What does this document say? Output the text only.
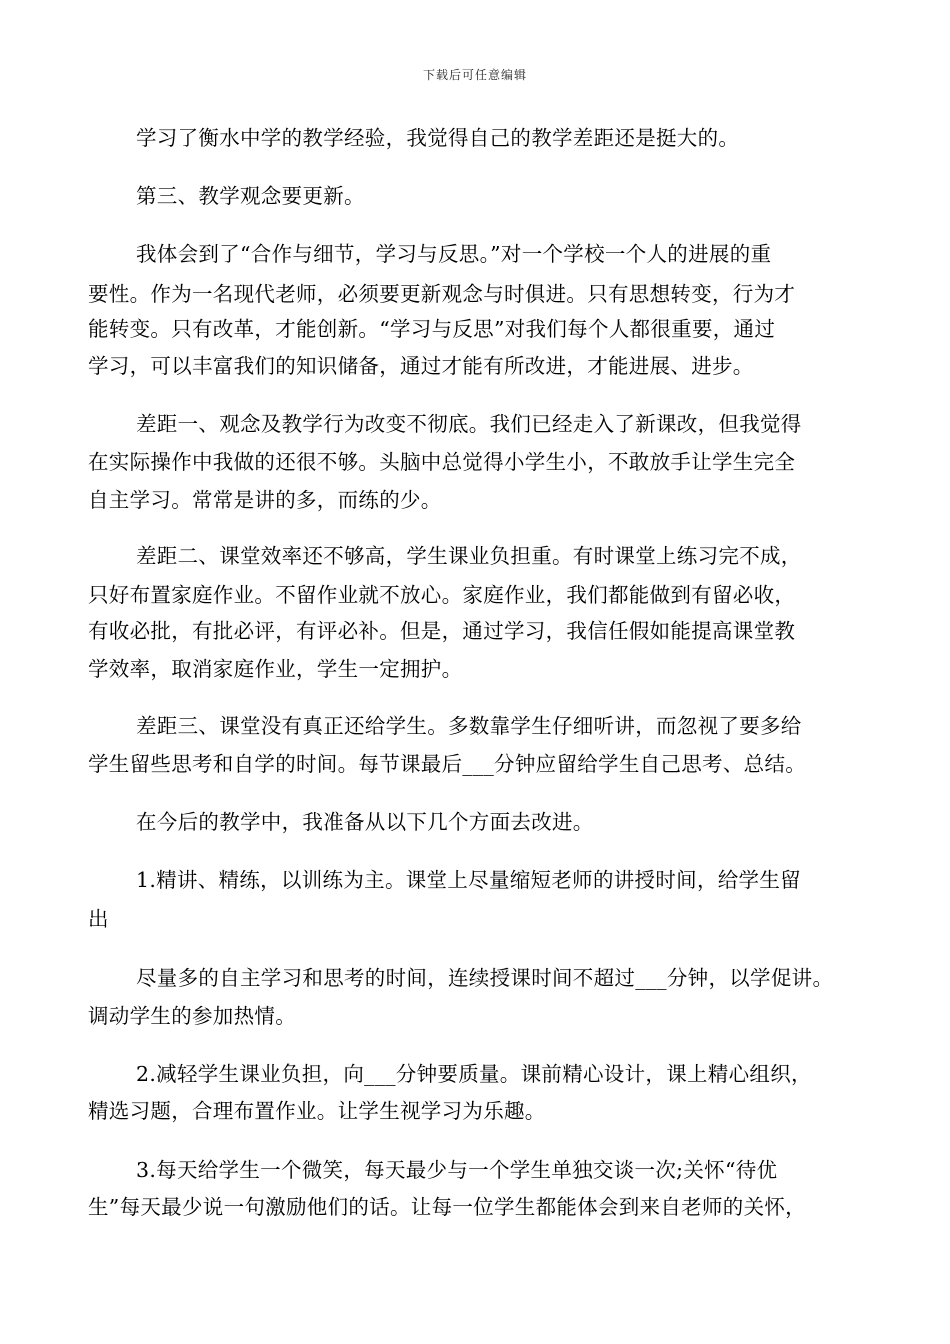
下载后可任意编辑
学习了衡水中学的教学经验，我觉得自己的教学差距还是挺大的。
第三、教学观念要更新。
我体会到了“合作与细节，学习与反思。”对一个学校一个人的进展的重
要性。作为一名现代老师，必须要更新观念与时俱进。只有思想转变，行为才
能转变。只有改革，才能创新。“学习与反思”对我们每个人都很重要，通过
学习，可以丰富我们的知识储备，通过才能有所改进，才能进展、进步。
差距一、观念及教学行为改变不彻底。我们已经走入了新课改，但我觉得
在实际操作中我做的还很不够。头脑中总觉得小学生小，不敢放手让学生完全
自主学习。常常是讲的多，而练的少。
差距二、课堂效率还不够高，学生课业负担重。有时课堂上练习完不成，
只好布置家庭作业。不留作业就不放心。家庭作业，我们都能做到有留必收，
有收必批，有批必评，有评必补。但是，通过学习，我信任假如能提高课堂教
学效率，取消家庭作业，学生一定拥护。
差距三、课堂没有真正还给学生。多数靠学生仔细听讲，而忽视了要多给
学生留些思考和自学的时间。每节课最后___分钟应留给学生自己思考、总结。
在今后的教学中，我准备从以下几个方面去改进。
1.精讲、精练，以训练为主。课堂上尽量缩短老师的讲授时间，给学生留
出
尽量多的自主学习和思考的时间，连续授课时间不超过___分钟，以学促讲。
调动学生的参加热情。
2.减轻学生课业负担，向___分钟要质量。课前精心设计，课上精心组织，
精选习题，合理布置作业。让学生视学习为乐趣。
3.每天给学生一个微笑，每天最少与一个学生单独交谈一次;关怀“待优
生”每天最少说一句激励他们的话。让每一位学生都能体会到来自老师的关怀，
